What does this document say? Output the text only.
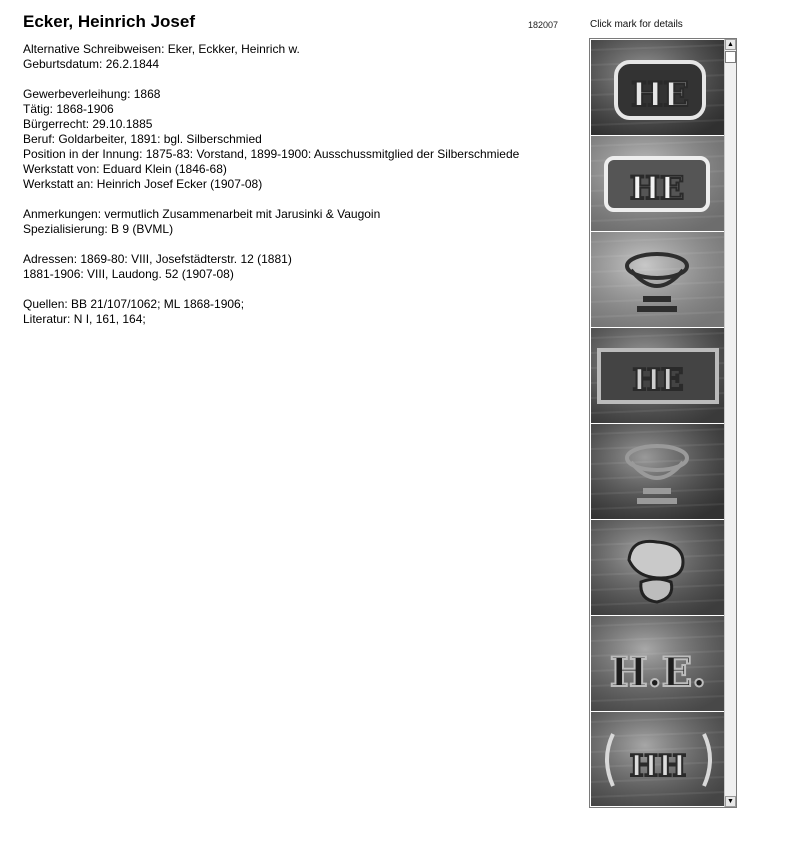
Ecker, Heinrich Josef	182007	Click mark for details
Alternative Schreibweisen: Eker, Eckker, Heinrich w.
Geburtsdatum: 26.2.1844
Gewerbeverleihung: 1868
Tätig: 1868-1906
Bürgerrecht: 29.10.1885
Beruf: Goldarbeiter, 1891: bgl. Silberschmied
Position in der Innung: 1875-83: Vorstand, 1899-1900: Ausschussmitglied der Silberschmiede
Werkstatt von: Eduard Klein (1846-68)
Werkstatt an: Heinrich Josef Ecker (1907-08)
Anmerkungen: vermutlich Zusammenarbeit mit Jarusinki & Vaugoin
Spezialisierung: B 9 (BVML)
Adressen: 1869-80: VIII, Josefstädterstr. 12 (1881)
1881-1906: VIII, Laudong. 52 (1907-08)
Quellen: BB 21/107/1062; ML 1868-1906;
Literatur: N I, 161, 164;
HE
HE
HE
H.E.
HH
▲
▼
